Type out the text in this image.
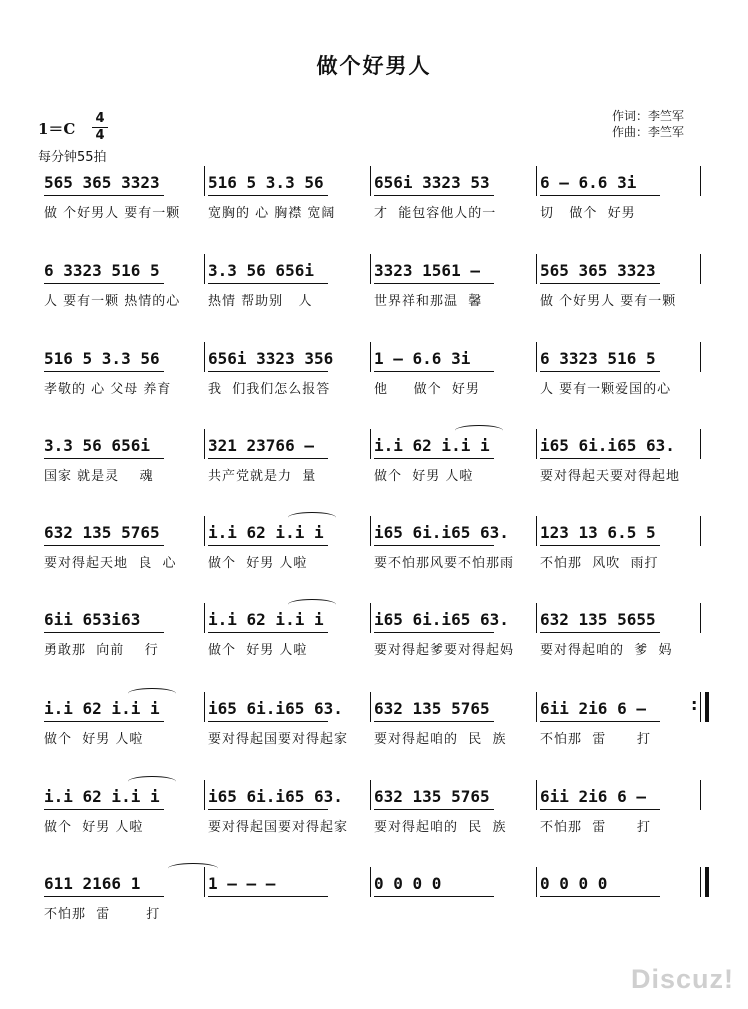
做个好男人
1＝C
4
4
每分钟55拍
作词：李竺军
作曲：李竺军
565 365 3323
做 个好男人 要有一颗
516 5 3.3 56
宽胸的 心 胸襟 宽阔
656i 3323 53
才  能包容他人的一
6 – 6.6 3i
切   做个  好男
6 3323 516 5
人 要有一颗 热情的心
3.3 56 656i
热情 帮助别   人
3323 1561 –
世界祥和那温  馨
565 365 3323
做 个好男人 要有一颗
516 5 3.3 56
孝敬的 心 父母 养育
656i 3323 356
我  们我们怎么报答
1 – 6.6 3i
他     做个  好男
6 3323 516 5
人 要有一颗爱国的心
3.3 56 656i
国家 就是灵    魂
321 23766 –
共产党就是力  量
i.i 62 i.i i
做个  好男 人啦
i65 6i.i65 63.
要对得起天要对得起地
632 135 5765
要对得起天地  良  心
i.i 62 i.i i
做个  好男 人啦
i65 6i.i65 63.
要不怕那风要不怕那雨
123 13 6.5 5
不怕那  风吹  雨打
6ii 653i63
勇敢那  向前    行
i.i 62 i.i i
做个  好男 人啦
i65 6i.i65 63.
要对得起爹要对得起妈
632 135 5655
要对得起咱的  爹  妈
i.i 62 i.i i
做个  好男 人啦
i65 6i.i65 63.
要对得起国要对得起家
632 135 5765
要对得起咱的  民  族
6ii 2i6 6 –
不怕那  雷      打
:
i.i 62 i.i i
做个  好男 人啦
i65 6i.i65 63.
要对得起国要对得起家
632 135 5765
要对得起咱的  民  族
6ii 2i6 6 –
不怕那  雷      打
611 2166 1
不怕那  雷       打
1 – – –	0 0 0 0	0 0 0 0
Discuz!
